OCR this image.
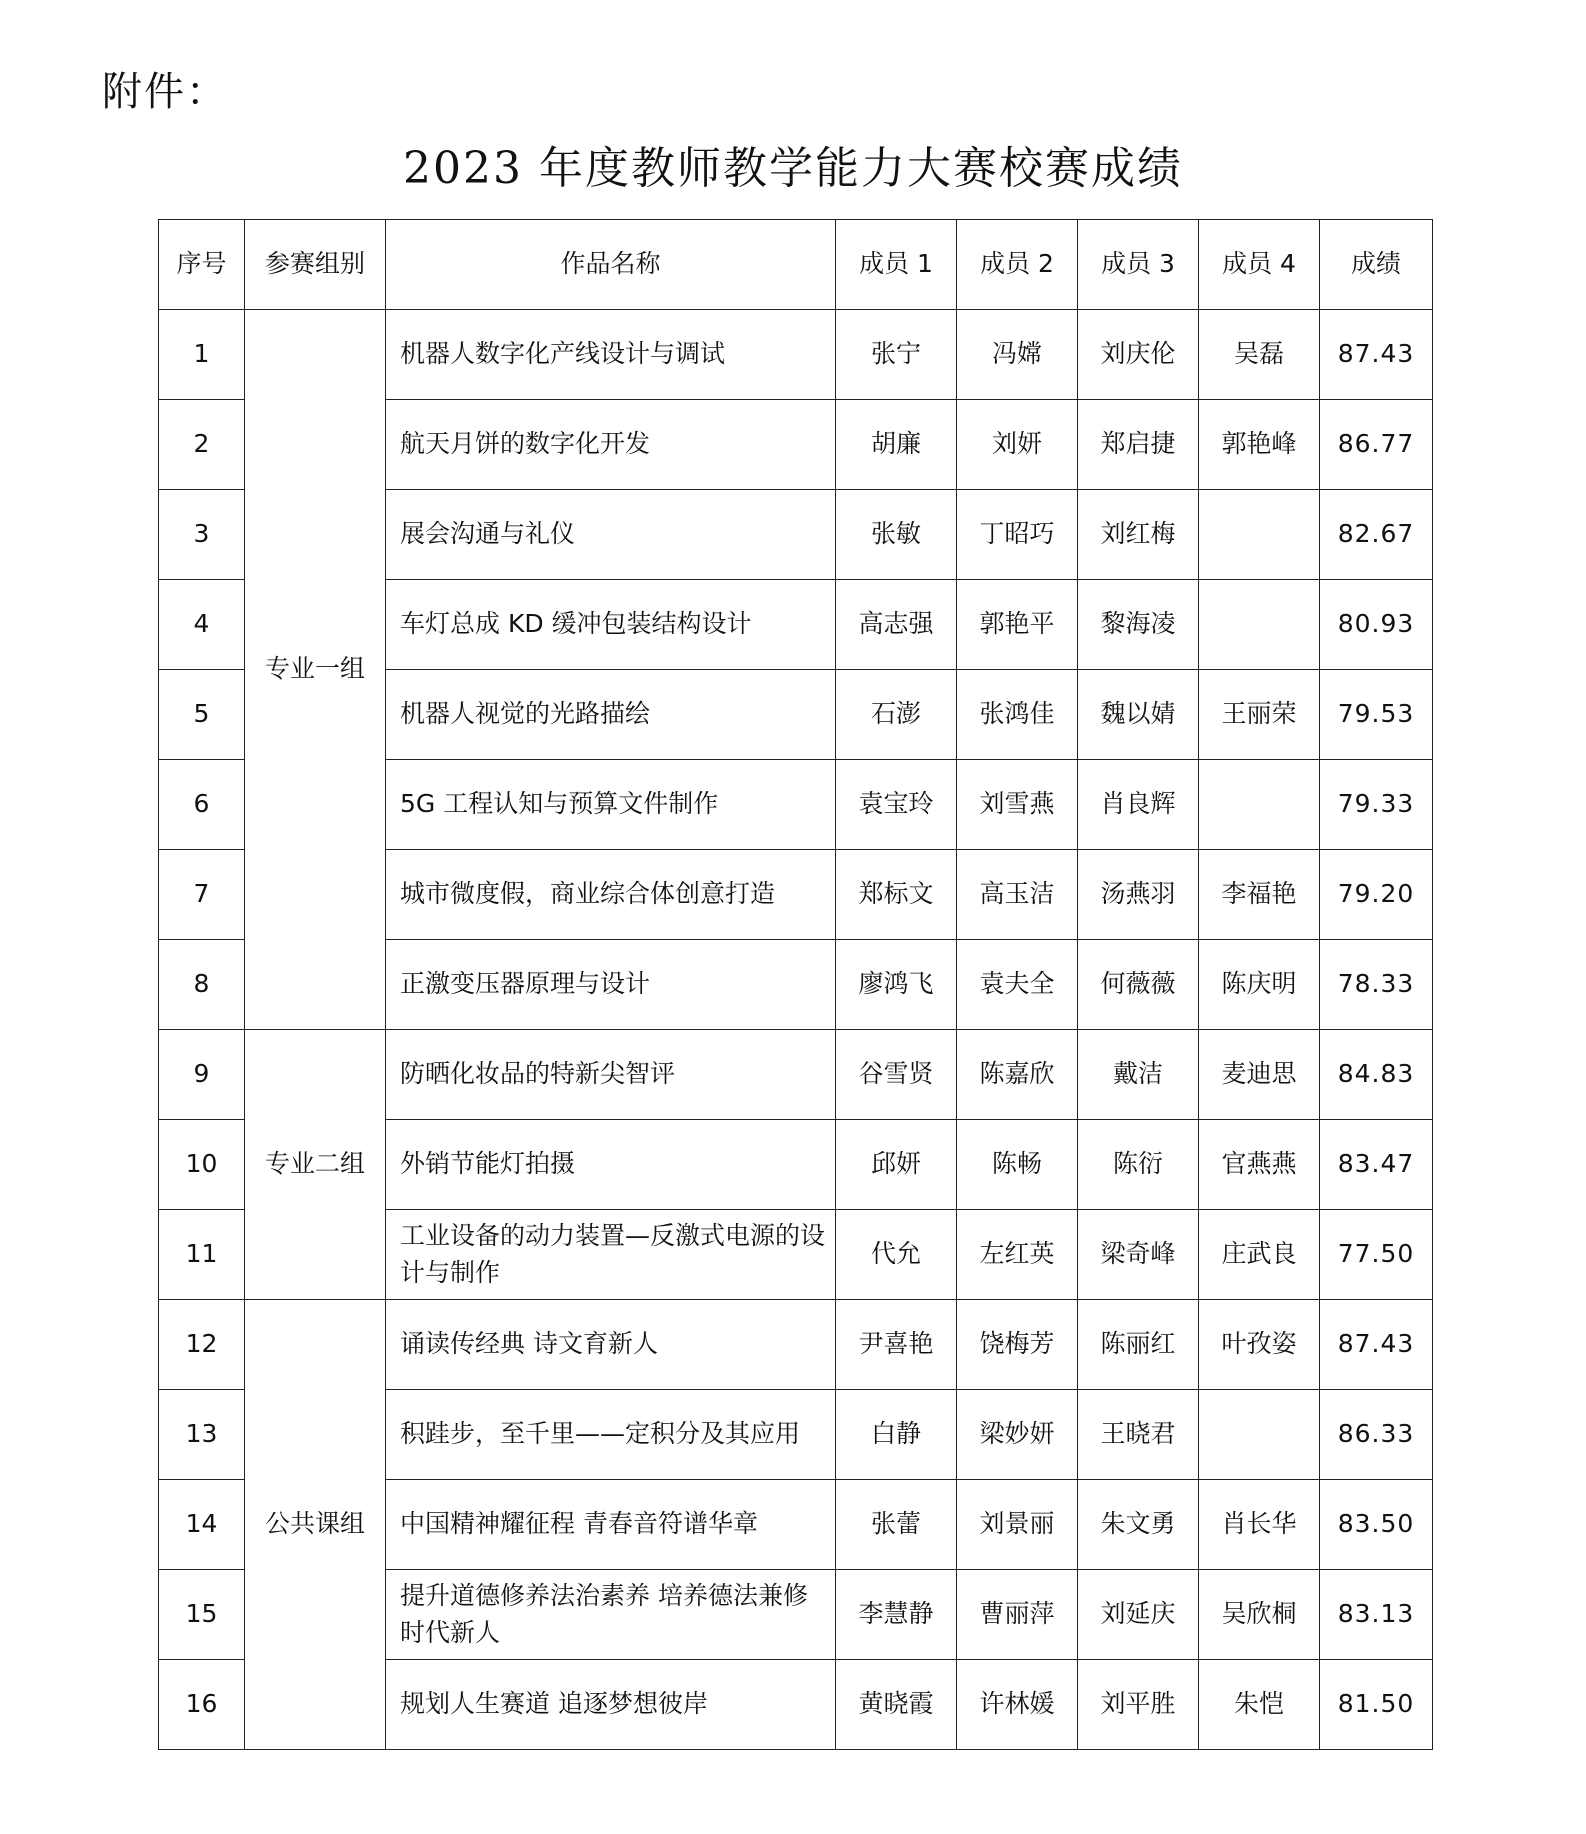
附件：
2023 年度教师教学能力大赛校赛成绩
序号	参赛组别	作品名称	成员 1	成员 2	成员 3	成员 4	成绩
1	专业一组	机器人数字化产线设计与调试	张宁	冯嫦	刘庆伦	吴磊	87.43
2		航天月饼的数字化开发	胡廉	刘妍	郑启捷	郭艳峰	86.77
3		展会沟通与礼仪	张敏	丁昭巧	刘红梅		82.67
4		车灯总成 KD 缓冲包装结构设计	高志强	郭艳平	黎海凌		80.93
5		机器人视觉的光路描绘	石澎	张鸿佳	魏以婧	王丽荣	79.53
6		5G 工程认知与预算文件制作	袁宝玲	刘雪燕	肖良辉		79.33
7		城市微度假，商业综合体创意打造	郑标文	高玉洁	汤燕羽	李福艳	79.20
8		正激变压器原理与设计	廖鸿飞	袁夫全	何薇薇	陈庆明	78.33
9	专业二组	防晒化妆品的特新尖智评	谷雪贤	陈嘉欣	戴洁	麦迪思	84.83
10		外销节能灯拍摄	邱妍	陈畅	陈衍	官燕燕	83.47
11		工业设备的动力装置—反激式电源的设计与制作	代允	左红英	梁奇峰	庄武良	77.50
12	公共课组	诵读传经典 诗文育新人	尹喜艳	饶梅芳	陈丽红	叶孜姿	87.43
13		积跬步，至千里——定积分及其应用	白静	梁妙妍	王晓君		86.33
14		中国精神耀征程 青春音符谱华章	张蕾	刘景丽	朱文勇	肖长华	83.50
15		提升道德修养法治素养 培养德法兼修时代新人	李慧静	曹丽萍	刘延庆	吴欣桐	83.13
16		规划人生赛道 追逐梦想彼岸	黄晓霞	许林媛	刘平胜	朱恺	81.50
